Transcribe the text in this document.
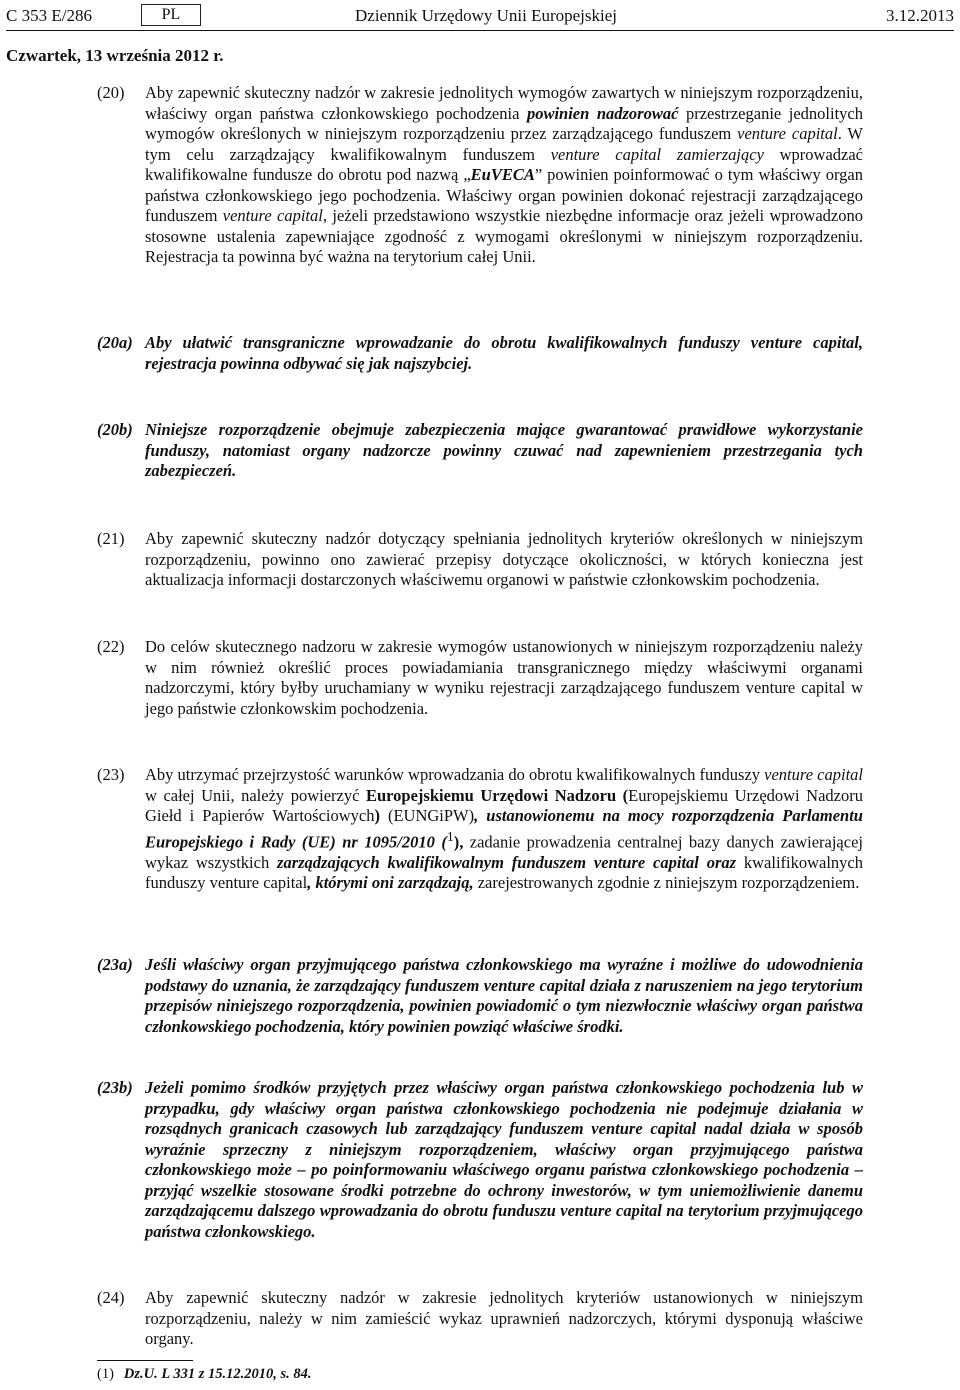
C 353 E/286	PL	Dziennik Urzędowy Unii Europejskiej	3.12.2013
Czwartek, 13 września 2012 r.
(20)	Aby zapewnić skuteczny nadzór w zakresie jednolitych wymogów zawartych w niniejszym rozporządzeniu, właściwy organ państwa członkowskiego pochodzenia powinien nadzorować przestrzeganie jednolitych wymogów określonych w niniejszym rozporządzeniu przez zarządzającego funduszem venture capital. W tym celu zarządzający kwalifikowalnym funduszem venture capital zamierzający wprowadzać kwalifikowalne fundusze do obrotu pod nazwą „EuVECA” powinien poinformować o tym właściwy organ państwa członkowskiego jego pochodzenia. Właściwy organ powinien dokonać rejestracji zarządzającego funduszem venture capital, jeżeli przedstawiono wszystkie niezbędne informacje oraz jeżeli wprowadzono stosowne ustalenia zapewniające zgodność z wymogami określonymi w niniejszym rozporządzeniu. Rejestracja ta powinna być ważna na terytorium całej Unii.
(20a) Aby ułatwić transgraniczne wprowadzanie do obrotu kwalifikowalnych funduszy venture capital, rejestracja powinna odbywać się jak najszybciej.
(20b) Niniejsze rozporządzenie obejmuje zabezpieczenia mające gwarantować prawidłowe wykorzystanie funduszy, natomiast organy nadzorcze powinny czuwać nad zapewnieniem przestrzegania tych zabezpieczeń.
(21)	Aby zapewnić skuteczny nadzór dotyczący spełniania jednolitych kryteriów określonych w niniejszym rozporządzeniu, powinno ono zawierać przepisy dotyczące okoliczności, w których konieczna jest aktualizacja informacji dostarczonych właściwemu organowi w państwie członkowskim pochodzenia.
(22)	Do celów skutecznego nadzoru w zakresie wymogów ustanowionych w niniejszym rozporządzeniu należy w nim również określić proces powiadamiania transgranicznego między właściwymi organami nadzorczymi, który byłby uruchamiany w wyniku rejestracji zarządzającego funduszem venture capital w jego państwie członkowskim pochodzenia.
(23)	Aby utrzymać przejrzystość warunków wprowadzania do obrotu kwalifikowalnych funduszy venture capital w całej Unii, należy powierzyć Europejskiemu Urzędowi Nadzoru (Europejskiemu Urzędowi Nadzoru Giełd i Papierów Wartościowych) (EUNGiPW), ustanowionemu na mocy rozporządzenia Parlamentu Europejskiego i Rady (UE) nr 1095/2010 ($^1$), zadanie prowadzenia centralnej bazy danych zawierającej wykaz wszystkich zarządzających kwalifikowalnym funduszem venture capital oraz kwalifikowalnych funduszy venture capital, którymi oni zarządzają, zarejestrowanych zgodnie z niniejszym rozporządzeniem.
(23a) Jeśli właściwy organ przyjmującego państwa członkowskiego ma wyraźne i możliwe do udowodnienia podstawy do uznania, że zarządzający funduszem venture capital działa z naruszeniem na jego terytorium przepisów niniejszego rozporządzenia, powinien powiadomić o tym niezwłocznie właściwy organ państwa członkowskiego pochodzenia, który powinien powziąć właściwe środki.
(23b) Jeżeli pomimo środków przyjętych przez właściwy organ państwa członkowskiego pochodzenia lub w przypadku, gdy właściwy organ państwa członkowskiego pochodzenia nie podejmuje działania w rozsądnych granicach czasowych lub zarządzający funduszem venture capital nadal działa w sposób wyraźnie sprzeczny z niniejszym rozporządzeniem, właściwy organ przyjmującego państwa członkowskiego może – po poinformowaniu właściwego organu państwa członkowskiego pochodzenia – przyjąć wszelkie stosowane środki potrzebne do ochrony inwestorów, w tym uniemożliwienie danemu zarządzającemu dalszego wprowadzania do obrotu funduszu venture capital na terytorium przyjmującego państwa członkowskiego.
(24)	Aby zapewnić skuteczny nadzór w zakresie jednolitych kryteriów ustanowionych w niniejszym rozporządzeniu, należy w nim zamieścić wykaz uprawnień nadzorczych, którymi dysponują właściwe organy.
(1) Dz.U. L 331 z 15.12.2010, s. 84.
